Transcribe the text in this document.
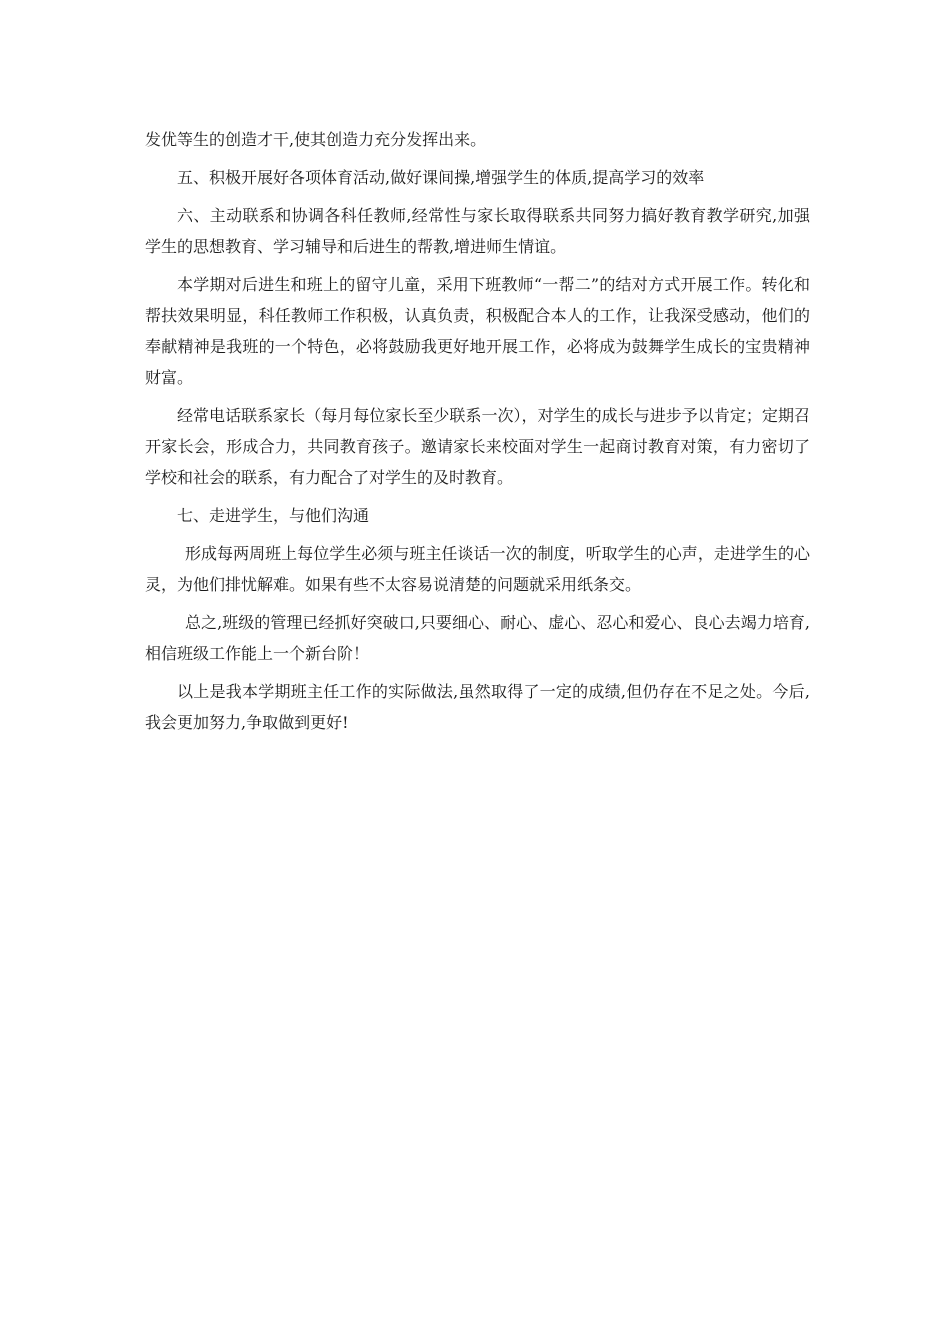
发优等生的创造才干,使其创造力充分发挥出来。

五、积极开展好各项体育活动,做好课间操,增强学生的体质,提高学习的效率

六、主动联系和协调各科任教师,经常性与家长取得联系共同努力搞好教育教学研究,加强学生的思想教育、学习辅导和后进生的帮教,增进师生情谊。

本学期对后进生和班上的留守儿童，采用下班教师“一帮二”的结对方式开展工作。转化和帮扶效果明显，科任教师工作积极，认真负责，积极配合本人的工作，让我深受感动，他们的奉献精神是我班的一个特色，必将鼓励我更好地开展工作，必将成为鼓舞学生成长的宝贵精神财富。

经常电话联系家长（每月每位家长至少联系一次），对学生的成长与进步予以肯定；定期召开家长会，形成合力，共同教育孩子。邀请家长来校面对学生一起商讨教育对策，有力密切了学校和社会的联系，有力配合了对学生的及时教育。

七、走进学生，与他们沟通

形成每两周班上每位学生必须与班主任谈话一次的制度，听取学生的心声，走进学生的心灵，为他们排忧解难。如果有些不太容易说清楚的问题就采用纸条交。

总之,班级的管理已经抓好突破口,只要细心、耐心、虚心、忍心和爱心、良心去竭力培育,相信班级工作能上一个新台阶！

以上是我本学期班主任工作的实际做法,虽然取得了一定的成绩,但仍存在不足之处。今后,我会更加努力,争取做到更好!
